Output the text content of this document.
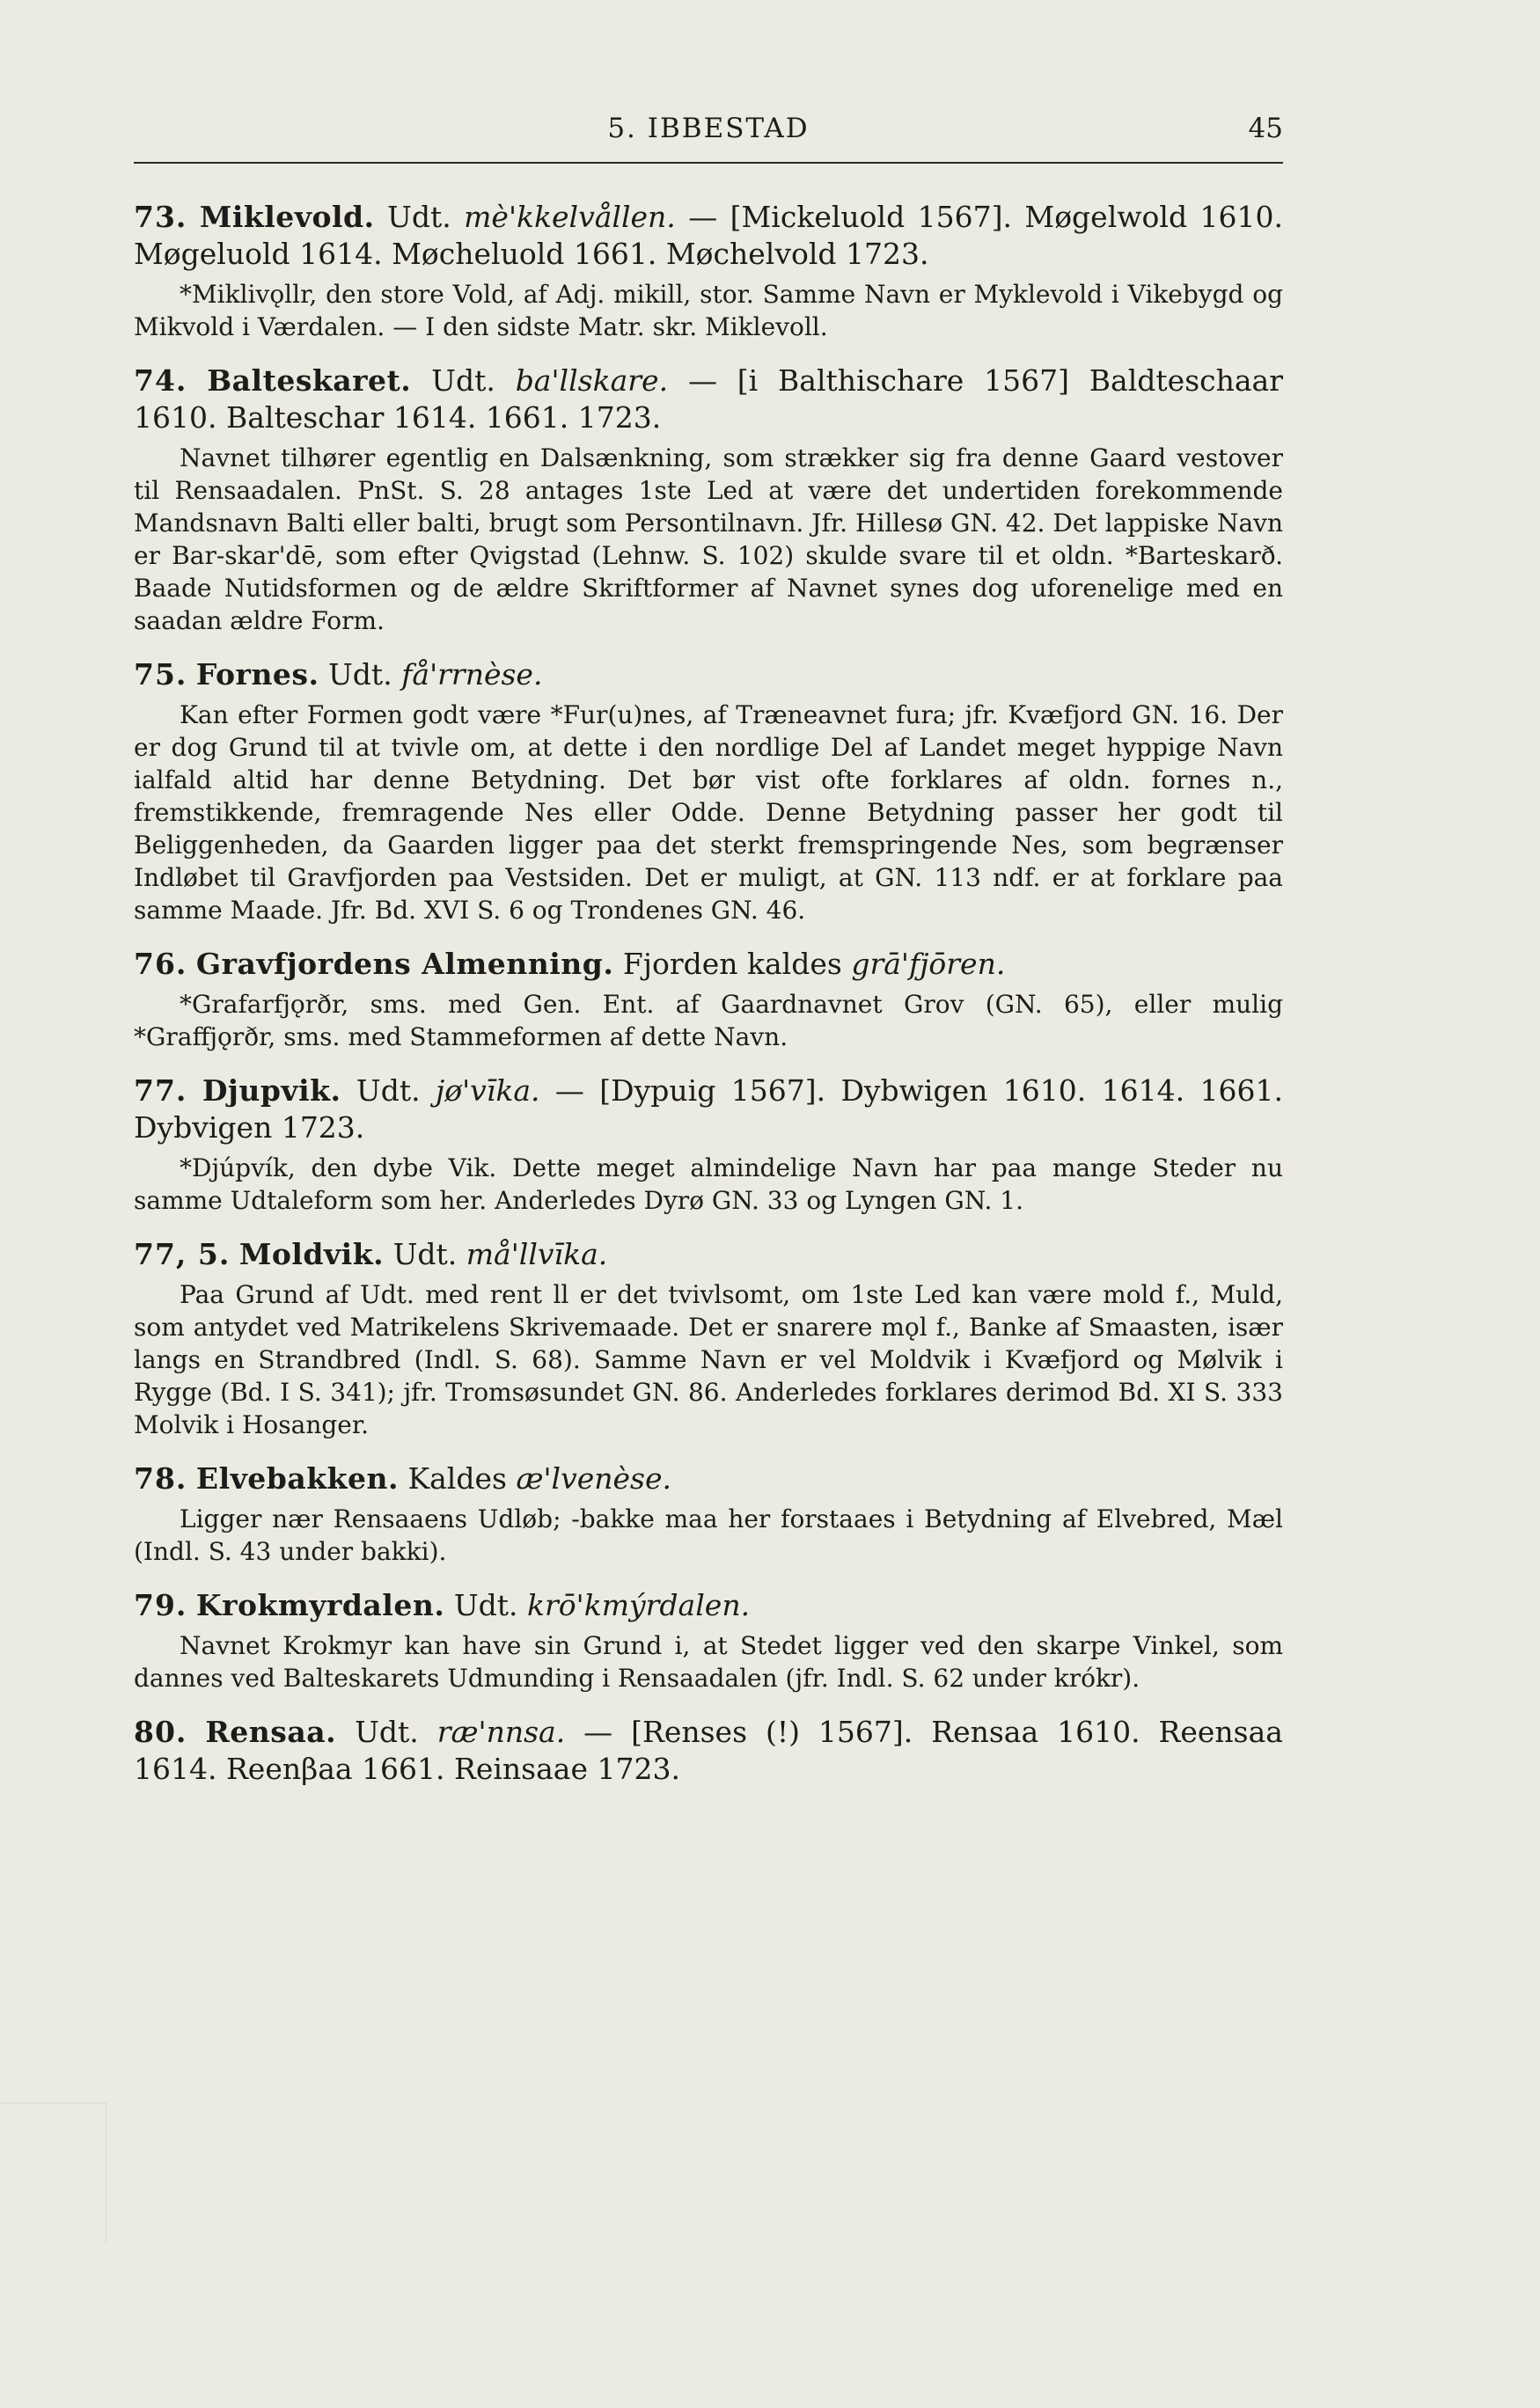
5. IBBESTAD	45

73. Miklevold. Udt. mè'kkelvållen. — [Mickeluold 1567]. Møgelwold 1610. Møgeluold 1614. Møcheluold 1661. Møchelvold 1723.

*Miklivǫllr, den store Vold, af Adj. mikill, stor. Samme Navn er Myklevold i Vikebygd og Mikvold i Værdalen. — I den sidste Matr. skr. Miklevoll.

74. Balteskaret. Udt. ba'llskare. — [i Balthischare 1567] Baldteschaar 1610. Balteschar 1614. 1661. 1723.

Navnet tilhører egentlig en Dalsænkning, som strækker sig fra denne Gaard vestover til Rensaadalen. PnSt. S. 28 antages 1ste Led at være det undertiden forekommende Mandsnavn Balti eller balti, brugt som Persontilnavn. Jfr. Hillesø GN. 42. Det lappiske Navn er Bar-skar'dē, som efter Qvigstad (Lehnw. S. 102) skulde svare til et oldn. *Barteskarð. Baade Nutidsformen og de ældre Skriftformer af Navnet synes dog uforenelige med en saadan ældre Form.

75. Fornes. Udt. få'rrnèse.

Kan efter Formen godt være *Fur(u)nes, af Træneavnet fura; jfr. Kvæfjord GN. 16. Der er dog Grund til at tvivle om, at dette i den nordlige Del af Landet meget hyppige Navn ialfald altid har denne Betydning. Det bør vist ofte forklares af oldn. fornes n., fremstikkende, fremragende Nes eller Odde. Denne Betydning passer her godt til Beliggenheden, da Gaarden ligger paa det sterkt fremspringende Nes, som begrænser Indløbet til Gravfjorden paa Vestsiden. Det er muligt, at GN. 113 ndf. er at forklare paa samme Maade. Jfr. Bd. XVI S. 6 og Trondenes GN. 46.

76. Gravfjordens Almenning. Fjorden kaldes grā'fjōren.

*Grafarfjǫrðr, sms. med Gen. Ent. af Gaardnavnet Grov (GN. 65), eller mulig *Graffjǫrðr, sms. med Stammeformen af dette Navn.

77. Djupvik. Udt. jø'vīka. — [Dypuig 1567]. Dybwigen 1610. 1614. 1661. Dybvigen 1723.

*Djúpvík, den dybe Vik. Dette meget almindelige Navn har paa mange Steder nu samme Udtaleform som her. Anderledes Dyrø GN. 33 og Lyngen GN. 1.

77, 5. Moldvik. Udt. må'llvīka.

Paa Grund af Udt. med rent ll er det tvivlsomt, om 1ste Led kan være mold f., Muld, som antydet ved Matrikelens Skrivemaade. Det er snarere mǫl f., Banke af Smaasten, især langs en Strandbred (Indl. S. 68). Samme Navn er vel Moldvik i Kvæfjord og Mølvik i Rygge (Bd. I S. 341); jfr. Tromsøsundet GN. 86. Anderledes forklares derimod Bd. XI S. 333 Molvik i Hosanger.

78. Elvebakken. Kaldes æ'lvenèse.

Ligger nær Rensaaens Udløb; -bakke maa her forstaaes i Betydning af Elvebred, Mæl (Indl. S. 43 under bakki).

79. Krokmyrdalen. Udt. krō'kmýrdalen.

Navnet Krokmyr kan have sin Grund i, at Stedet ligger ved den skarpe Vinkel, som dannes ved Balteskarets Udmunding i Rensaadalen (jfr. Indl. S. 62 under krókr).

80. Rensaa. Udt. ræ'nnsa. — [Renses (!) 1567]. Rensaa 1610. Reensaa 1614. Reenβaa 1661. Reinsaae 1723.
